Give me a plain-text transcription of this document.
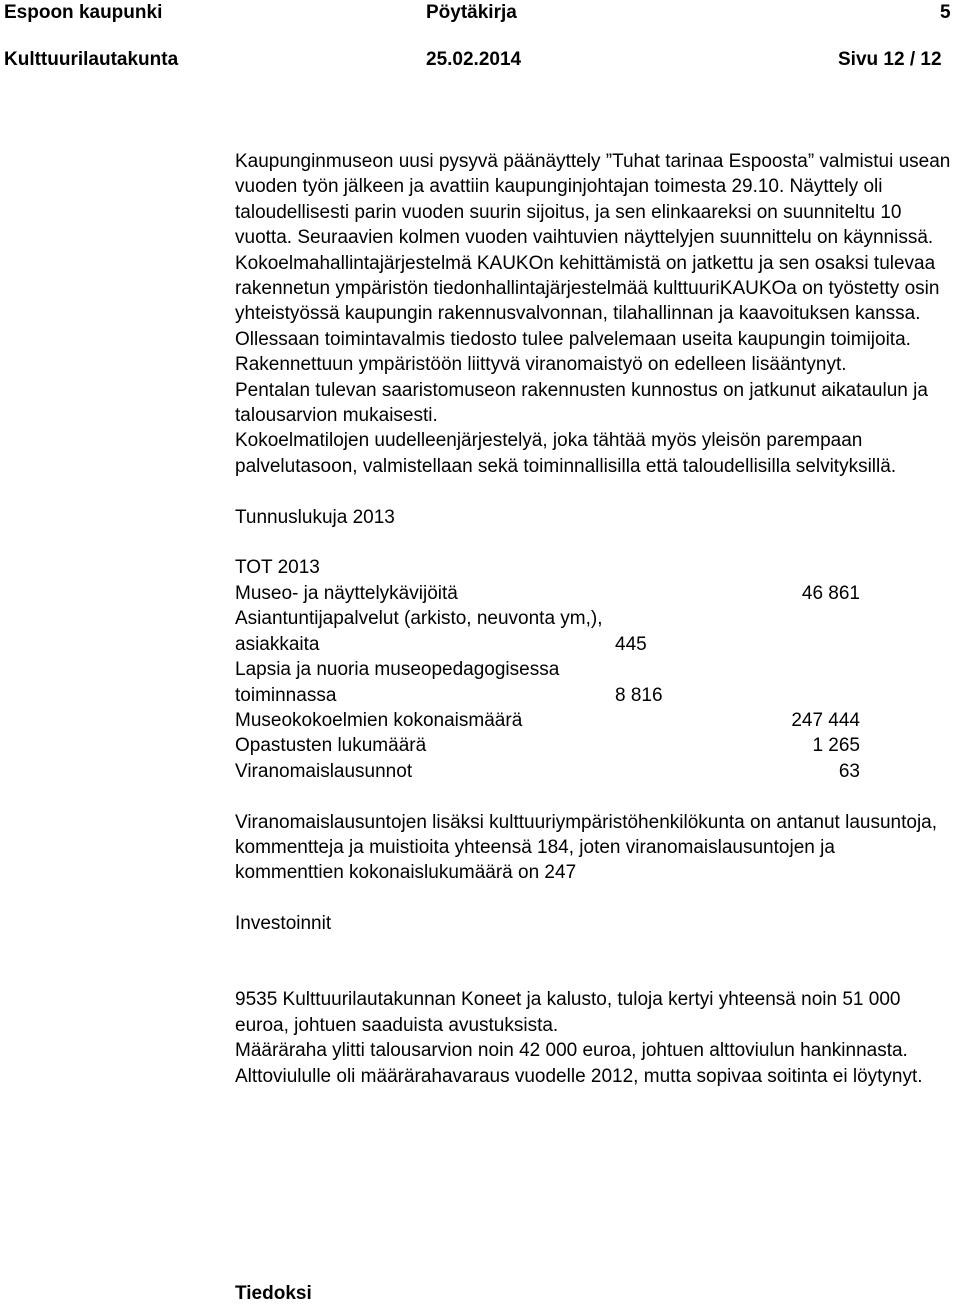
Espoon kaupunki	Pöytäkirja	5
Kulttuurilautakunta	25.02.2014	Sivu 12 / 12

Kaupunginmuseon uusi pysyvä päänäyttely ”Tuhat tarinaa Espoosta” valmistui usean vuoden työn jälkeen ja avattiin kaupunginjohtajan toimesta 29.10. Näyttely oli taloudellisesti parin vuoden suurin sijoitus, ja sen elinkaareksi on suunniteltu 10 vuotta. Seuraavien kolmen vuoden vaihtuvien näyttelyjen suunnittelu on käynnissä.

Kokoelmahallintajärjestelmä KAUKOn kehittämistä on jatkettu ja sen osaksi tulevaa rakennetun ympäristön tiedonhallintajärjestelmää kulttuuriKAUKOa on työstetty osin yhteistyössä kaupungin rakennusvalvonnan, tilahallinnan ja kaavoituksen kanssa. Ollessaan toimintavalmis tiedosto tulee palvelemaan useita kaupungin toimijoita.

Rakennettuun ympäristöön liittyvä viranomaistyö on edelleen lisääntynyt.

Pentalan tulevan saaristomuseon rakennusten kunnostus on jatkunut aikataulun ja talousarvion mukaisesti.

Kokoelmatilojen uudelleenjärjestelyä, joka tähtää myös yleisön parempaan palvelutasoon, valmistellaan sekä toiminnallisilla että taloudellisilla selvityksillä.

Tunnuslukuja 2013

TOT 2013

Museo- ja näyttelykävijöitä	46 861
Asiantuntijapalvelut (arkisto, neuvonta ym,), asiakkaita	445
Lapsia ja nuoria museopedagogisessa toiminnassa	8 816
Museokokoelmien kokonaismäärä	247 444
Opastusten lukumäärä	1 265
Viranomaislausunnot	63

Viranomaislausuntojen lisäksi kulttuuriympäristöhenkilökunta on antanut lausuntoja, kommentteja ja muistioita yhteensä 184, joten viranomaislausuntojen ja kommenttien kokonaislukumäärä on 247

Investoinnit

9535 Kulttuurilautakunnan Koneet ja kalusto, tuloja kertyi yhteensä noin 51 000 euroa, johtuen saaduista avustuksista.

Määräraha ylitti talousarvion noin 42 000 euroa, johtuen alttoviulun hankinnasta. Alttoviululle oli määrärahavaraus vuodelle 2012, mutta sopivaa soitinta ei löytynyt.

Tiedoksi
